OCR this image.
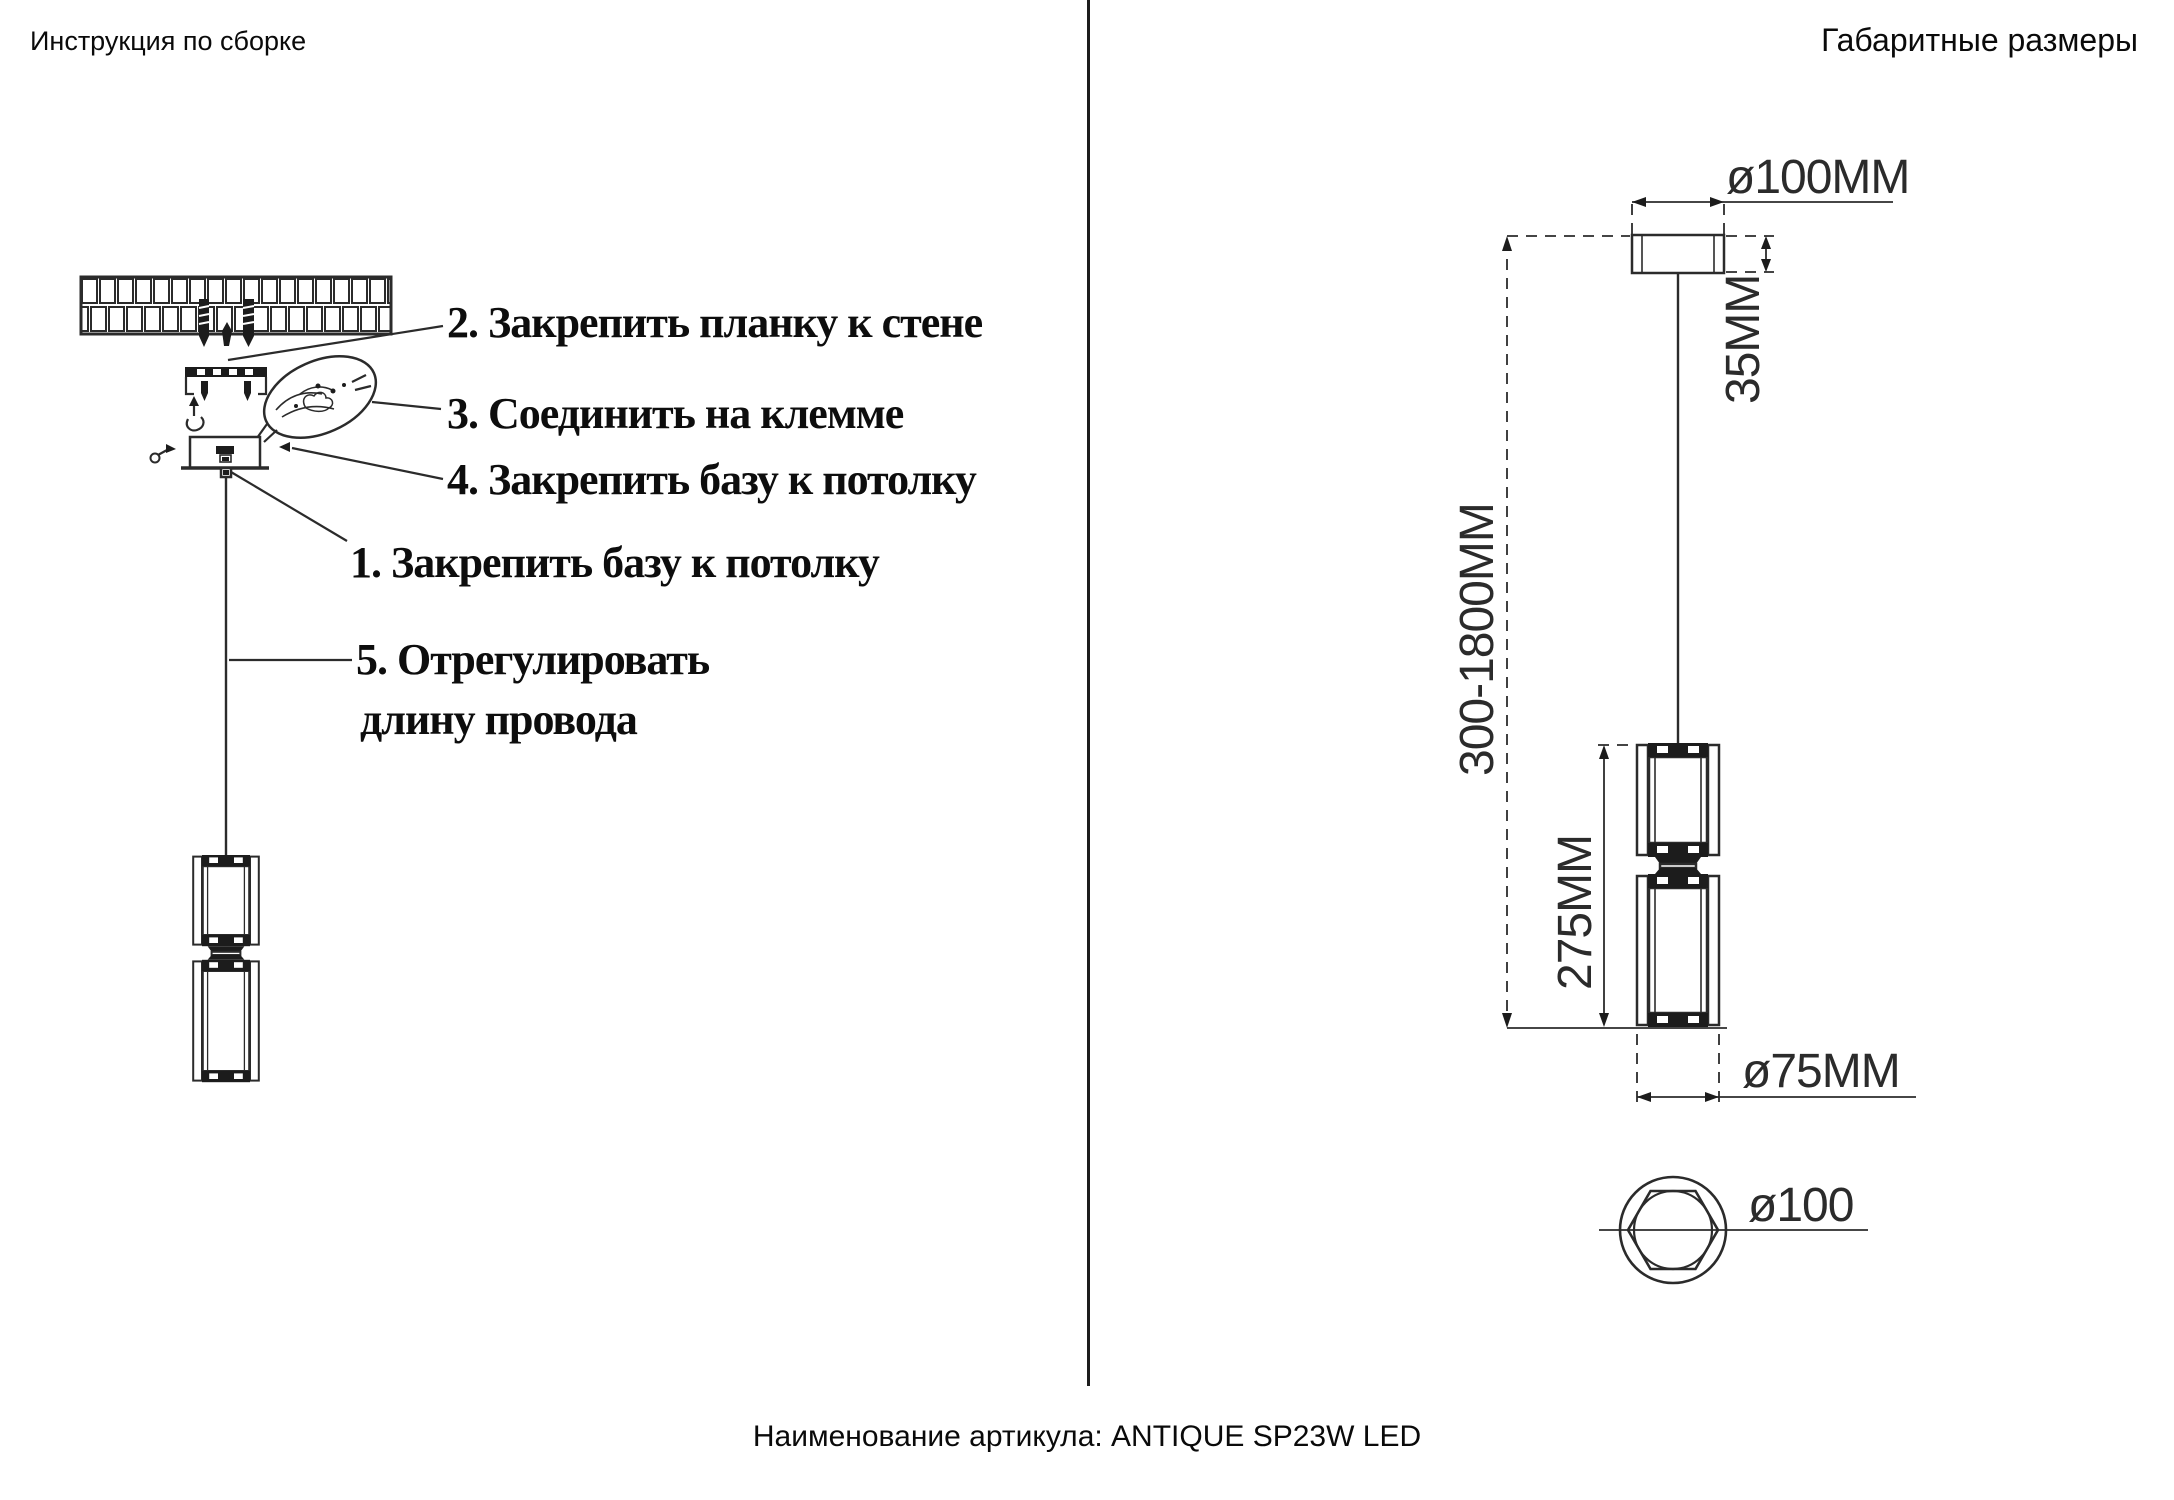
Инструкция по сборке	Габаритные размеры
2. Закрепить планку к стене
3. Соединить на клемме
4. Закрепить базу к потолку
1. Закрепить базу к потолку
5. Отрегулировать
длину провода
ø100MM
35MM
300-1800MM
275MM
ø75MM
ø100
Наименование артикула: ANTIQUE SP23W LED
